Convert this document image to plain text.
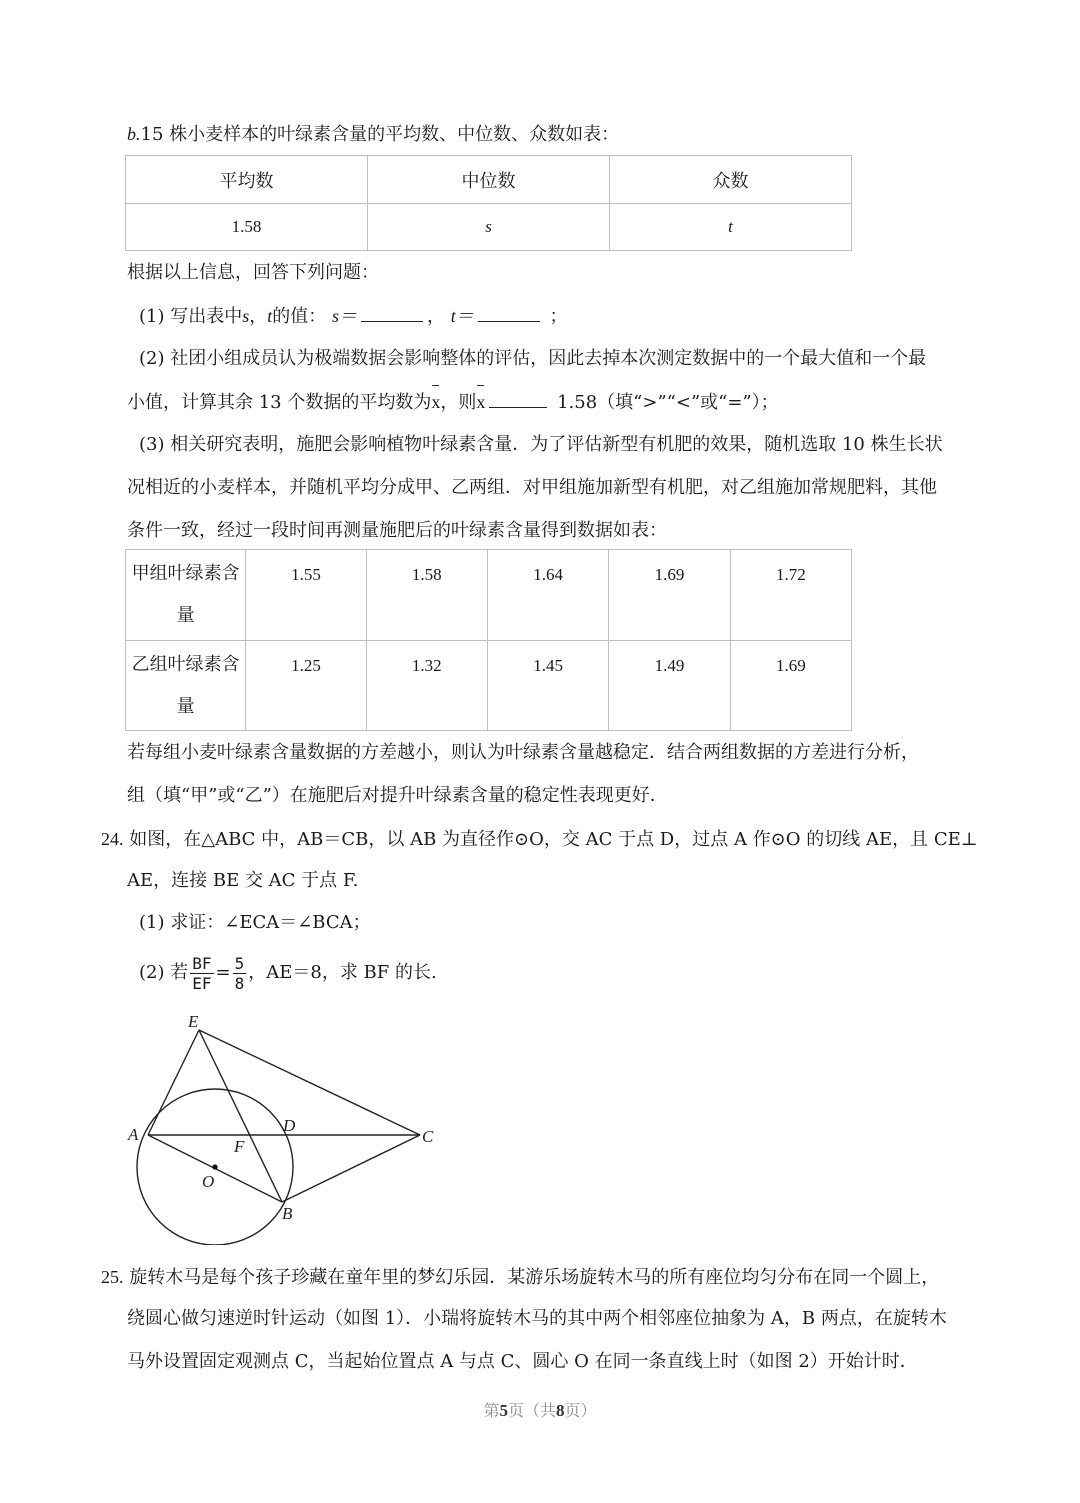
b.15 株小麦样本的叶绿素含量的平均数、中位数、众数如表：
平均数	中位数	众数
1.58	s	t
根据以上信息，回答下列问题：
(1) 写出表中s，t的值： s＝	， t＝	；
(2) 社团小组成员认为极端数据会影响整体的评估，因此去掉本次测定数据中的一个最大值和一个最
小值，计算其余 13 个数据的平均数为x，则x	1.58（填“>”“<”或“=”）；
(3) 相关研究表明，施肥会影响植物叶绿素含量．为了评估新型有机肥的效果，随机选取 10 株生长状
况相近的小麦样本，并随机平均分成甲、乙两组．对甲组施加新型有机肥，对乙组施加常规肥料，其他
条件一致，经过一段时间再测量施肥后的叶绿素含量得到数据如表：
甲组叶绿素含
量	1.55	1.58	1.64	1.69	1.72
乙组叶绿素含
量	1.25	1.32	1.45	1.49	1.69
若每组小麦叶绿素含量数据的方差越小，则认为叶绿素含量越稳定．结合两组数据的方差进行分析，
组（填“甲”或“乙”）在施肥后对提升叶绿素含量的稳定性表现更好．
24. 如图，在△ABC 中，AB＝CB，以 AB 为直径作⊙O，交 AC 于点 D，过点 A 作⊙O 的切线 AE，且 CE⊥
AE，连接 BE 交 AC 于点 F.
(1) 求证：∠ECA＝∠BCA；
(2) 若 $\frac{BF}{EF} = \frac{5}{8}$ ，AE＝8，求 BF 的长.
E
A	D
C
F
O
B
25. 旋转木马是每个孩子珍藏在童年里的梦幻乐园．某游乐场旋转木马的所有座位均匀分布在同一个圆上，
绕圆心做匀速逆时针运动（如图 1）．小瑞将旋转木马的其中两个相邻座位抽象为 A，B 两点，在旋转木
马外设置固定观测点 C，当起始位置点 A 与点 C、圆心 O 在同一条直线上时（如图 2）开始计时．
第5页（共8页）
